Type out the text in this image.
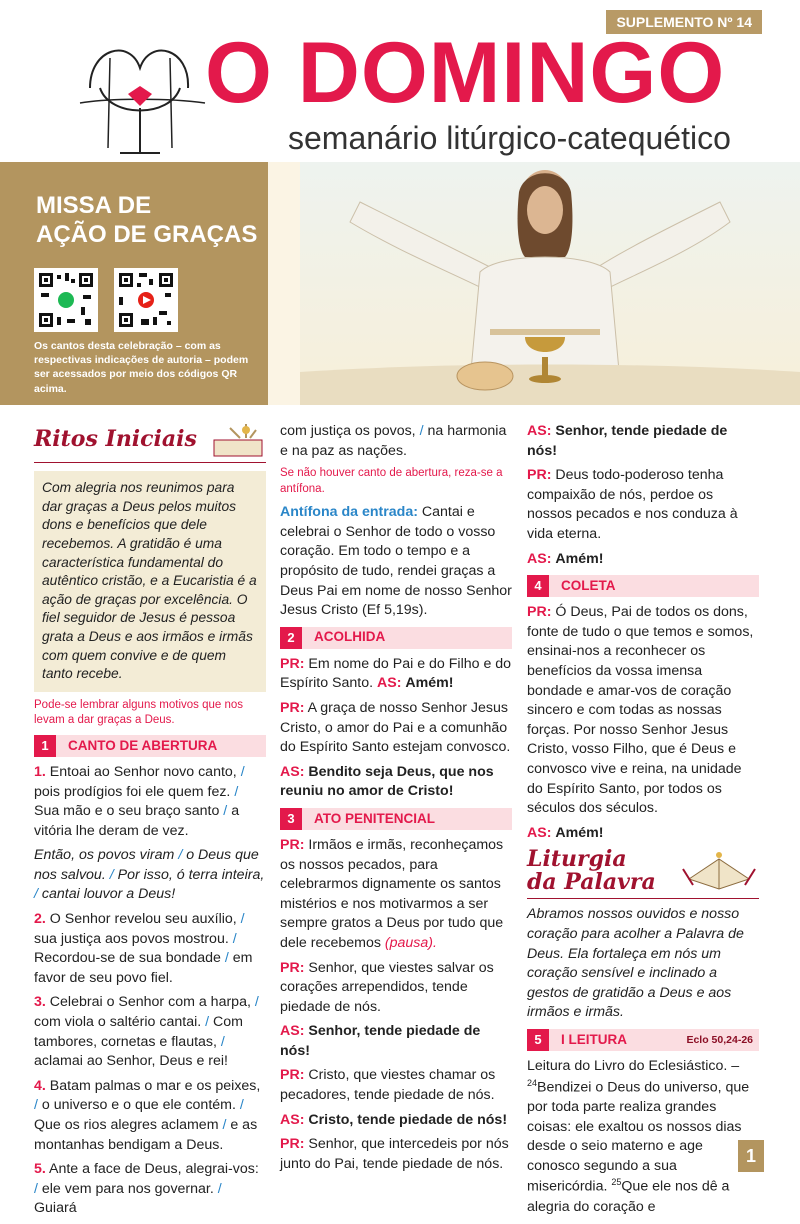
SUPLEMENTO Nº 14
O DOMINGO
semanário litúrgico-catequético
MISSA DE
AÇÃO DE GRAÇAS
Os cantos desta celebração – com as respectivas indicações de autoria – podem ser acessados por meio dos códigos QR acima.
Ritos Iniciais
Com alegria nos reunimos para dar graças a Deus pelos muitos dons e benefícios que dele recebemos. A gratidão é uma característica fundamental do autêntico cristão, e a Eucaristia é a ação de graças por excelência. O fiel seguidor de Jesus é pessoa grata a Deus e aos irmãos e irmãs com quem convive e de quem tanto recebe.
Pode-se lembrar alguns motivos que nos levam a dar graças a Deus.
1	CANTO DE ABERTURA

1. Entoai ao Senhor novo canto, / pois prodígios foi ele quem fez. / Sua mão e o seu braço santo / a vitória lhe deram de vez.

Então, os povos viram / o Deus que nos salvou. / Por isso, ó terra inteira, / cantai louvor a Deus!

2. O Senhor revelou seu auxílio, / sua justiça aos povos mostrou. / Recordou-se de sua bondade / em favor de seu povo fiel.

3. Celebrai o Senhor com a harpa, / com viola o saltério cantai. / Com tambores, cornetas e flautas, / aclamai ao Senhor, Deus e rei!

4. Batam palmas o mar e os peixes, / o universo e o que ele contém. / Que os rios alegres aclamem / e as montanhas bendigam a Deus.

5. Ante a face de Deus, alegrai-vos: / ele vem para nos governar. / Guiará

com justiça os povos, / na harmonia e na paz as nações.

Se não houver canto de abertura, reza-se a antífona.

Antífona da entrada: Cantai e celebrai o Senhor de todo o vosso coração. Em todo o tempo e a propósito de tudo, rendei graças a Deus Pai em nome de nosso Senhor Jesus Cristo (Ef 5,19s).

2	ACOLHIDA

PR: Em nome do Pai e do Filho e do Espírito Santo. AS: Amém!

PR: A graça de nosso Senhor Jesus Cristo, o amor do Pai e a comunhão do Espírito Santo estejam convosco.

AS: Bendito seja Deus, que nos reuniu no amor de Cristo!

3	ATO PENITENCIAL

PR: Irmãos e irmãs, reconheçamos os nossos pecados, para celebrarmos dignamente os santos mistérios e nos motivarmos a ser sempre gratos a Deus por tudo que dele recebemos (pausa).

PR: Senhor, que viestes salvar os corações arrependidos, tende piedade de nós.

AS: Senhor, tende piedade de nós!

PR: Cristo, que viestes chamar os pecadores, tende piedade de nós.

AS: Cristo, tende piedade de nós!

PR: Senhor, que intercedeis por nós junto do Pai, tende piedade de nós.

AS: Senhor, tende piedade de nós!

PR: Deus todo-poderoso tenha compaixão de nós, perdoe os nossos pecados e nos conduza à vida eterna.

AS: Amém!

4	COLETA

PR: Ó Deus, Pai de todos os dons, fonte de tudo o que temos e somos, ensinai-nos a reconhecer os benefícios da vossa imensa bondade e amar-vos de coração sincero e com todas as nossas forças. Por nosso Senhor Jesus Cristo, vosso Filho, que é Deus e convosco vive e reina, na unidade do Espírito Santo, por todos os séculos dos séculos.

AS: Amém!

Liturgia
da Palavra

Abramos nossos ouvidos e nosso coração para acolher a Palavra de Deus. Ela fortaleça em nós um coração sensível e inclinado a gestos de gratidão a Deus e aos irmãos e irmãs.

5	I LEITURA	Eclo 50,24-26

Leitura do Livro do Eclesiástico. – $^{24}$Bendizei o Deus do universo, que por toda parte realiza grandes coisas: ele exaltou os nossos dias desde o seio materno e age conosco segundo a sua misericórdia. $^{25}$Que ele nos dê a alegria do coração e

1
